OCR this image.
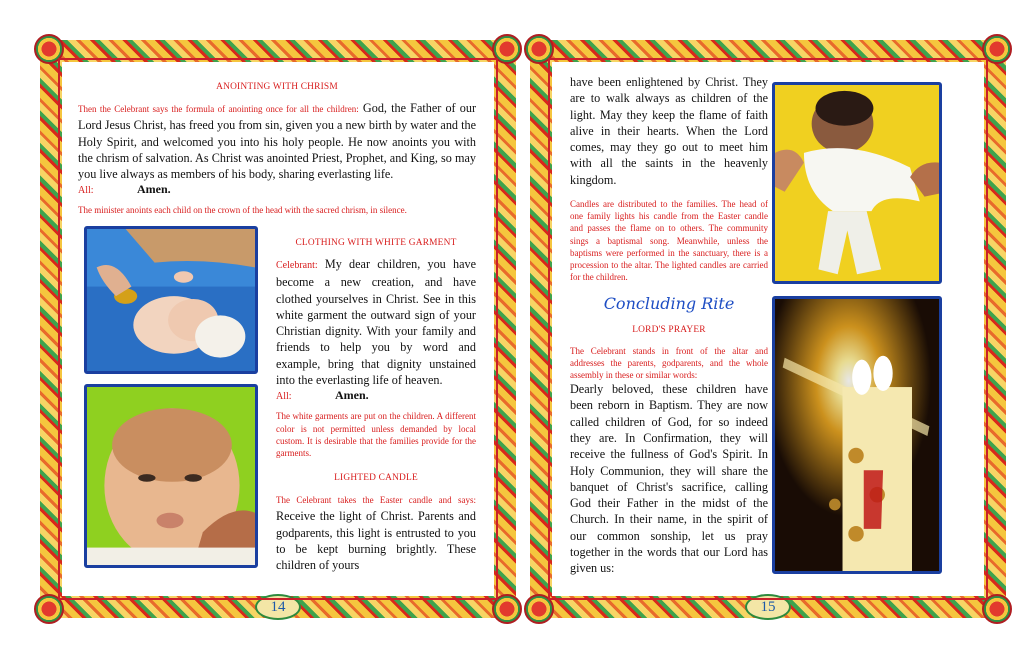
ANOINTING WITH CHRISM
Then the Celebrant says the formula of anointing once for all the children: God, the Father of our Lord Jesus Christ, has freed you from sin, given you a new birth by water and the Holy Spirit, and welcomed you into his holy people. He now anoints you with the chrism of salvation. As Christ was anointed Priest, Prophet, and King, so may you live always as members of his body, sharing everlasting life.
All:	Amen.
The minister anoints each child on the crown of the head with the sacred chrism, in silence.
CLOTHING WITH WHITE GARMENT
Celebrant: My dear children, you have become a new creation, and have clothed yourselves in Christ. See in this white garment the outward sign of your Christian dignity. With your family and friends to help you by word and example, bring that dignity unstained into the everlasting life of heaven.
All:	Amen.
The white garments are put on the children. A different color is not permitted unless demanded by local custom. It is desirable that the families provide for the garments.
LIGHTED CANDLE
The Celebrant takes the Easter candle and says: Receive the light of Christ. Parents and godparents, this light is entrusted to you to be kept burning brightly. These children of yours
14
have been enlightened by Christ. They are to walk always as children of the light. May they keep the flame of faith alive in their hearts. When the Lord comes, may they go out to meet him with all the saints in the heavenly kingdom.
Candles are distributed to the families. The head of one family lights his candle from the Easter candle and passes the flame on to others. The community sings a baptismal song. Meanwhile, unless the baptisms were performed in the sanctuary, there is a procession to the altar. The lighted candles are carried for the children.
Concluding Rite
LORD'S PRAYER
The Celebrant stands in front of the altar and addresses the parents, godparents, and the whole assembly in these or similar words:
Dearly beloved, these children have been reborn in Baptism. They are now called children of God, for so indeed they are. In Confirmation, they will receive the fullness of God's Spirit. In Holy Communion, they will share the banquet of Christ's sacrifice, calling God their Father in the midst of the Church. In their name, in the spirit of our common sonship, let us pray together in the words that our Lord has given us:
15
